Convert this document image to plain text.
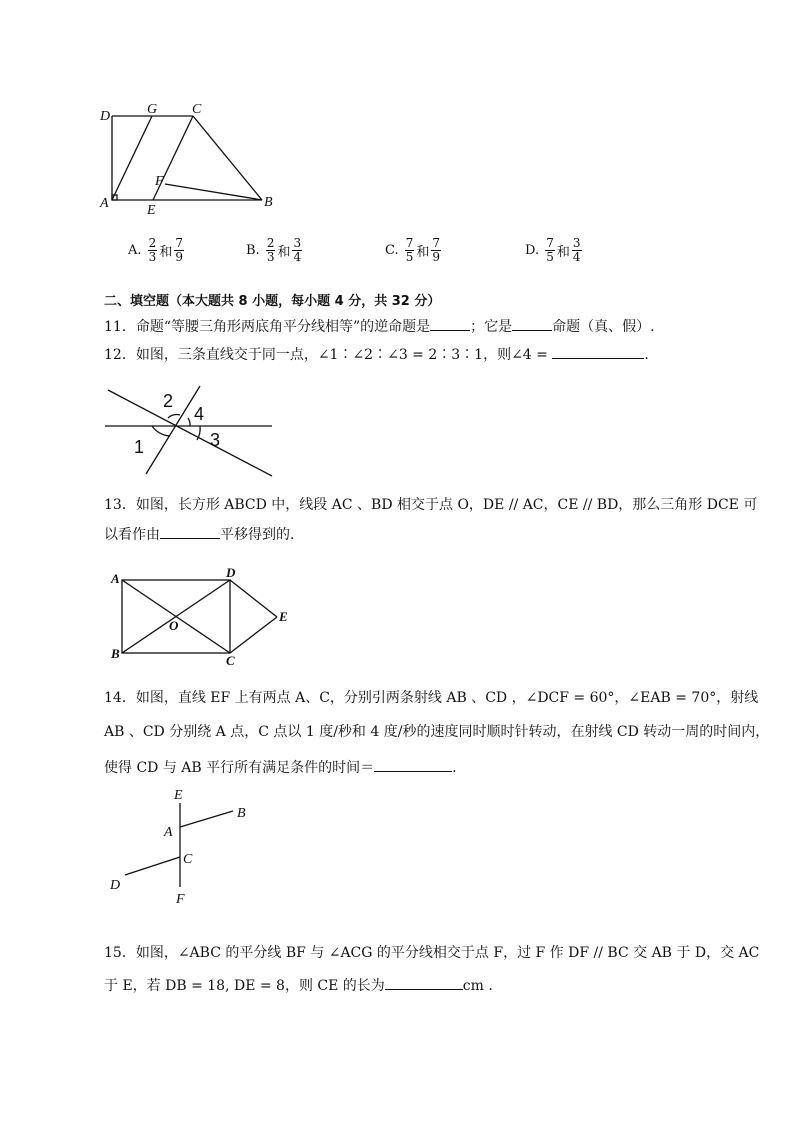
D	G C
F
A	E
B
A.
$\frac{2}{3}$ 和 $\frac{7}{9}$	B.
$\frac{2}{3}$ 和 $\frac{3}{4}$	C.
$\frac{7}{5}$ 和 $\frac{7}{9}$	D.
$\frac{7}{5}$ 和 $\frac{3}{4}$
二、填空题（本大题共 8 小题，每小题 4 分，共 32 分）
11．命题“等腰三角形两底角平分线相等”的逆命题是	；它是	命题（真、假）.
12．如图，三条直线交于同一点，∠1∶∠2∶∠3 = 2∶3∶1，则∠4 =	.
2
4
1	3
13．如图，长方形 ABCD 中，线段 AC 、BD 相交于点 O，DE // AC，CE // BD，那么三角形 DCE 可
以看作由	平移得到的.
A	D
O
E
B	C
14．如图，直线 EF 上有两点 A、C，分别引两条射线 AB 、CD ，∠DCF = 60°，∠EAB = 70°，射线
AB 、CD 分别绕 A 点，C 点以 1 度/秒和 4 度/秒的速度同时顺时针转动，在射线 CD 转动一周的时间内，
使得 CD 与 AB 平行所有满足条件的时间＝	.
E
B
A
C
D
F
15．如图，∠ABC 的平分线 BF 与 ∠ACG 的平分线相交于点 F，过 F 作 DF // BC 交 AB 于 D，交 AC
于 E，若 DB = 18, DE = 8，则 CE 的长为	cm .
